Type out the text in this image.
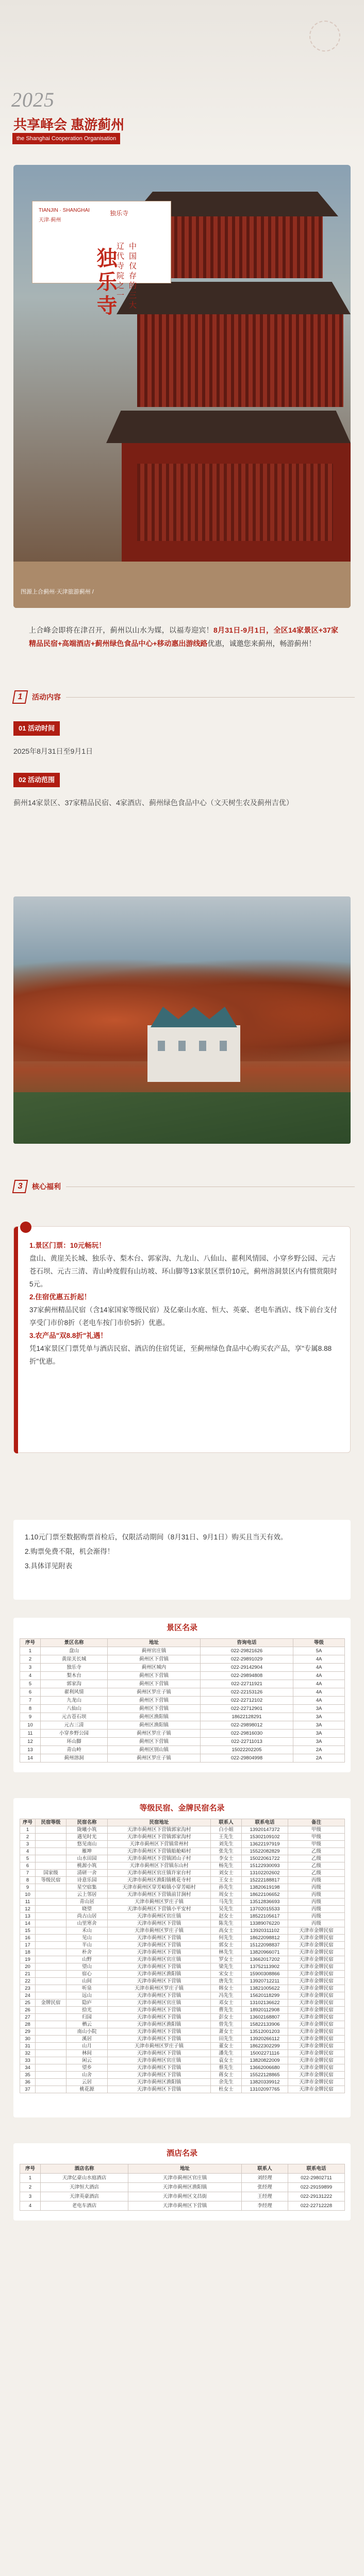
2025
共享峄会 惠游蓟州
the Shanghai Cooperation Organisation
TIANJIN · SHANGHAI
天津·蓟州
独乐寺
中国仅存的三大
辽代寺院之一
独乐寺
图源上合蓟州·天津旅游蓟州 /
上合峰会即将在津召开，蓟州以山水为媒，以福寿迎宾！8月31日-9月1日，全区14家景区+37家精品民宿+高端酒店+蓟州绿色食品中心+移动惠出游线路优惠，诚邀您来蓟州，畅游蓟州！
1	活动内容
01 活动时间
2025年8月31日至9月1日
02 活动范围
蓟州14家景区、37家精品民宿、4家酒店、蓟州绿色食品中心（文天树生农及蓟州吉优）
3	核心福利
1.景区门票：10元畅玩！
盘山、黄崖关长城、独乐寺、梨木台、郭家沟、九龙山、八仙山、翟利风情园、小穿乡野公园、元古苍石坝、元古三清、青山岭度假有山坊坡、环山脚等13家景区票价10元，蓟州溶洞景区内有惯赏限时5元。
2.住宿优惠五折起！
37家蓟州精品民宿（含14家国家等级民宿）及亿豪山水庭、恒大、英豪、老电车酒店、线下前台支付享受门市价8折（老电车按门市价5折）优惠。
3.农产品"双8.8折"礼遇！
凭14家景区门票凭单与酒店民宿、酒店的住宿凭证，至蓟州绿色食品中心购买农产品，享"专属8.88折"优惠。
1.10元门票至数据购票首检后，仅限活动期间（8月31日、9月1日）购买且当天有效。
2.购票免费不限，机会渐得！
3.具体详见附表
景区名录
序号	景区名称	地址	咨询电话	等级
1	盘山	蓟州官庄镇	022-29821626	5A
2	黄崖关长城	蓟州区下营镇	022-29891029	4A
3	独乐寺	蓟州区城内	022-29142904	4A
4	梨木台	蓟州区下营镇	022-29894808	4A
5	郭家沟	蓟州区下营镇	022-22711921	4A
6	翟利风情	蓟州区罗庄子镇	022-22153126	4A
7	九龙山	蓟州区下营镇	022-22712102	4A
8	八仙山	蓟州区下营镇	022-22712901	3A
9	元古苍石坝	蓟州区渔阳镇	18622128291	3A
10	元古三清	蓟州区渔阳镇	022-29898012	3A
11	小穿乡野公园	蓟州区罗庄子镇	022-29816030	3A
12	环山脚	蓟州区下营镇	022-22711013	3A
13	青山岭	蓟州区别山镇	15022202205	2A
14	蓟州溶洞	蓟州区罗庄子镇	022-29804998	2A
等级民宿、金牌民宿名录
序号	民宿等级	民宿名称	民宿地址	联系人	联系电话	备注
1		陇曦小筑	天津市蓟州区下营镇郭家沟村	白小姐	13920147372	甲级
2		遇见时光	天津市蓟州区下营镇郭家沟村	王先生	15302109102	甲级
3		悠见南山	天津市蓟州区下营镇常州村	刘先生	13622197919	甲级
4		雁坤	天津市蓟州区下营镇船舱峪村	张先生	15522082829	乙级
5		山水田园	天津市蓟州区下营镇团山子村	李女士	15022061722	乙级
6		桃源小筑	天津市蓟州区下营镇东山村	杨先生	15122930093	乙级
7	国家级	清研一舍	天津市蓟州区官庄镇许家台村	刘女士	13102202602	乙级
8	等级民宿	诗意乐园	天津市蓟州区渔阳镇桃花寺村	王女士	15222188817	丙级
9		星空宿集	天津市蓟州区穿芳峪镇小穿芳峪村	孙先生	13820619198	丙级
10		云上邻居	天津市蓟州区下营镇前甘涧村	周女士	18622106652	丙级
11		青山居	天津市蓟州区罗庄子镇	马先生	13512836693	丙级
12		晓望	天津市蓟州区下营镇小平安村	吴先生	13702015533	丙级
13		尚古山居	天津市蓟州区官庄镇	赵女士	18522105617	丙级
14		山里寒舍	天津市蓟州区下营镇	陈先生	13389076220	丙级
15		禾山	天津市蓟州区罗庄子镇	高女士	13920311102	天津市金牌民宿
16		见山	天津市蓟州区下营镇	何先生	18622098812	天津市金牌民宿
17		半山	天津市蓟州区下营镇	郭女士	15122098837	天津市金牌民宿
18		朴舍	天津市蓟州区下营镇	林先生	13820966071	天津市金牌民宿
19		山野	天津市蓟州区官庄镇	罗女士	13662017202	天津市金牌民宿
20		望山	天津市蓟州区下营镇	梁先生	13752113902	天津市金牌民宿
21		宿心	天津市蓟州区渔阳镇	宋女士	15900308866	天津市金牌民宿
22		山间	天津市蓟州区下营镇	唐先生	13920712211	天津市金牌民宿
23		听泉	天津市蓟州区罗庄子镇	韩女士	13821005622	天津市金牌民宿
24		远山	天津市蓟州区下营镇	冯先生	15620118299	天津市金牌民宿
25	金牌民宿	隐庐	天津市蓟州区官庄镇	邓女士	13102136622	天津市金牌民宿
26		拾光	天津市蓟州区下营镇	曹先生	18920112908	天津市金牌民宿
27		归园	天津市蓟州区下营镇	彭女士	13602168807	天津市金牌民宿
28		栖云	天津市蓟州区渔阳镇	曾先生	15822133906	天津市金牌民宿
29		南山小院	天津市蓟州区下营镇	萧女士	13512001203	天津市金牌民宿
30		溪居	天津市蓟州区下营镇	田先生	13920266112	天津市金牌民宿
31		山月	天津市蓟州区罗庄子镇	董女士	18622302299	天津市金牌民宿
32		林间	天津市蓟州区下营镇	潘先生	15002271116	天津市金牌民宿
33		闲云	天津市蓟州区官庄镇	袁女士	13820822009	天津市金牌民宿
34		望乡	天津市蓟州区下营镇	蔡先生	13662006680	天津市金牌民宿
35		山舍	天津市蓟州区下营镇	蒋女士	15522128865	天津市金牌民宿
36		云居	天津市蓟州区渔阳镇	余先生	13820339912	天津市金牌民宿
37		桃花源	天津市蓟州区下营镇	杜女士	13102097765	天津市金牌民宿
酒店名录
序号	酒店名称	地址	联系人	联系电话
1	天津亿豪山水庭酒店	天津市蓟州区官庄镇	刘经理	022-29802711
2	天津恒大酒店	天津市蓟州区渔阳镇	张经理	022-29159899
3	天津英豪酒店	天津市蓟州区文昌街	王经理	022-29131222
4	老电车酒店	天津市蓟州区下营镇	李经理	022-22712228
